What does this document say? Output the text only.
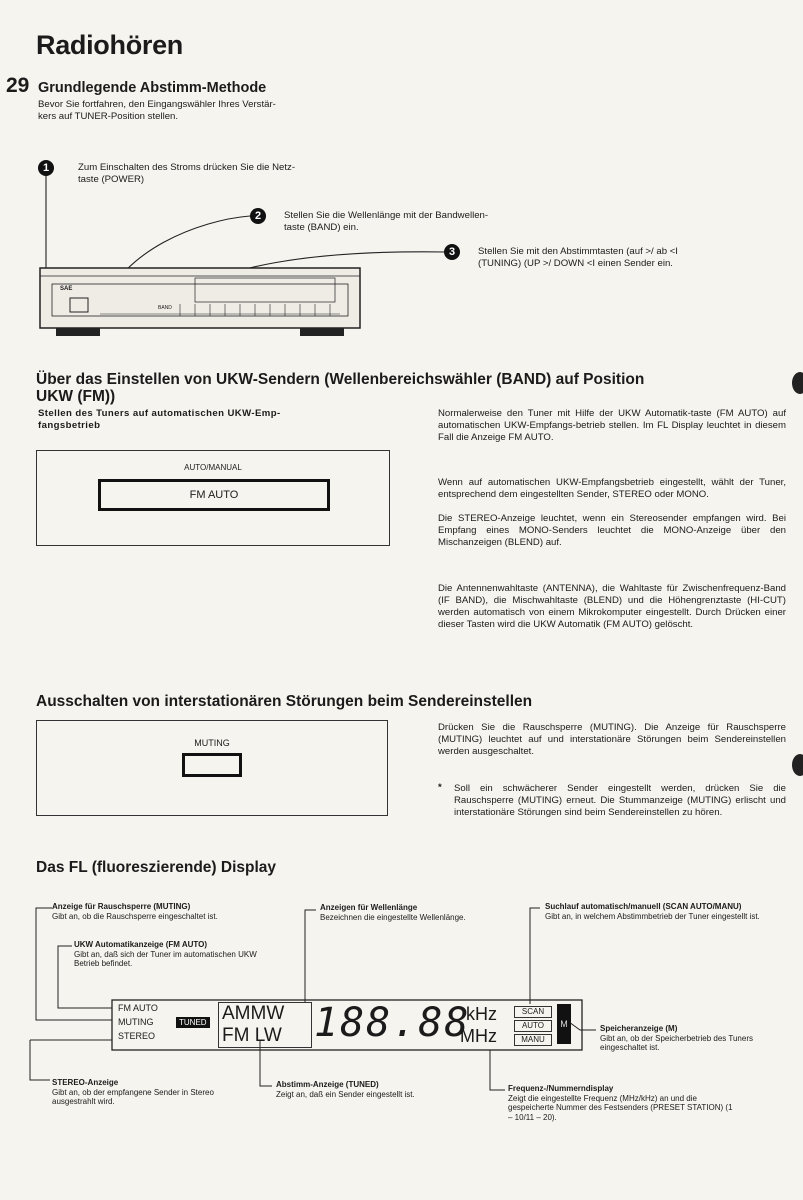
Radiohören
29 Grundlegende Abstimm-Methode
Bevor Sie fortfahren, den Eingangswähler Ihres Verstär-
kers auf TUNER-Position stellen.
1	Zum Einschalten des Stroms drücken Sie die Netz-
taste (POWER)
2	Stellen Sie die Wellenlänge mit der Bandwellen-
taste (BAND) ein.
3	Stellen Sie mit den Abstimmtasten (auf >/ ab <I
(TUNING) (UP >/ DOWN <I einen Sender ein.
SAE
BAND
Über das Einstellen von UKW-Sendern (Wellenbereichswähler (BAND) auf Position
UKW (FM))
Stellen des Tuners auf automatischen UKW-Emp-
fangsbetrieb
AUTO/MANUAL
FM AUTO
Normalerweise den Tuner mit Hilfe der UKW Automatik-taste (FM AUTO) auf automatischen UKW-Empfangs-betrieb stellen. Im FL Display leuchtet in diesem Fall die Anzeige FM AUTO.
Wenn auf automatischen UKW-Empfangsbetrieb eingestellt, wählt der Tuner, entsprechend dem eingestellten Sender, STEREO oder MONO.
Die STEREO-Anzeige leuchtet, wenn ein Stereosender empfangen wird. Bei Empfang eines MONO-Senders leuchtet die MONO-Anzeige über den Mischanzeigen (BLEND) auf.
Die Antennenwahltaste (ANTENNA), die Wahltaste für Zwischenfrequenz-Band (IF BAND), die Mischwahltaste (BLEND) und die Höhengrenztaste (HI-CUT) werden automatisch von einem Mikrokomputer eingestellt. Durch Drücken einer dieser Tasten wird die UKW Automatik (FM AUTO) gelöscht.
Ausschalten von interstationären Störungen beim Sendereinstellen
MUTING
Drücken Sie die Rauschsperre (MUTING). Die Anzeige für Rauschsperre (MUTING) leuchtet auf und interstationäre Störungen beim Sendereinstellen werden ausgeschaltet.
* Soll ein schwächerer Sender eingestellt werden, drücken Sie die Rauschsperre (MUTING) erneut. Die Stummanzeige (MUTING) erlischt und interstationäre Störungen sind beim Sendereinstellen zu hören.
Das FL (fluoreszierende) Display
Anzeige für Rauschsperre (MUTING)
Gibt an, ob die Rauschsperre eingeschaltet ist.
UKW Automatikanzeige (FM AUTO)
Gibt an, daß sich der Tuner im automatischen UKW Betrieb befindet.
Anzeigen für Wellenlänge
Bezeichnen die eingestellte Wellenlänge.
Suchlauf automatisch/manuell (SCAN AUTO/MANU)
Gibt an, in welchem Abstimmbetrieb der Tuner eingestellt ist.
Speicheranzeige (M)
Gibt an, ob der Speicherbetrieb des Tuners eingeschaltet ist.
STEREO-Anzeige
Gibt an, ob der empfangene Sender in Stereo ausgestrahlt wird.
Abstimm-Anzeige (TUNED)
Zeigt an, daß ein Sender eingestellt ist.
Frequenz-/Nummerndisplay
Zeigt die eingestellte Frequenz (MHz/kHz) an und die gespeicherte Nummer des Festsenders (PRESET STATION) (1 – 10/11 – 20).
FM AUTO
MUTING
STEREO
TUNED AMMW
FM LW 188.88
kHz
MHz
SCAN
AUTO
MANU
M
